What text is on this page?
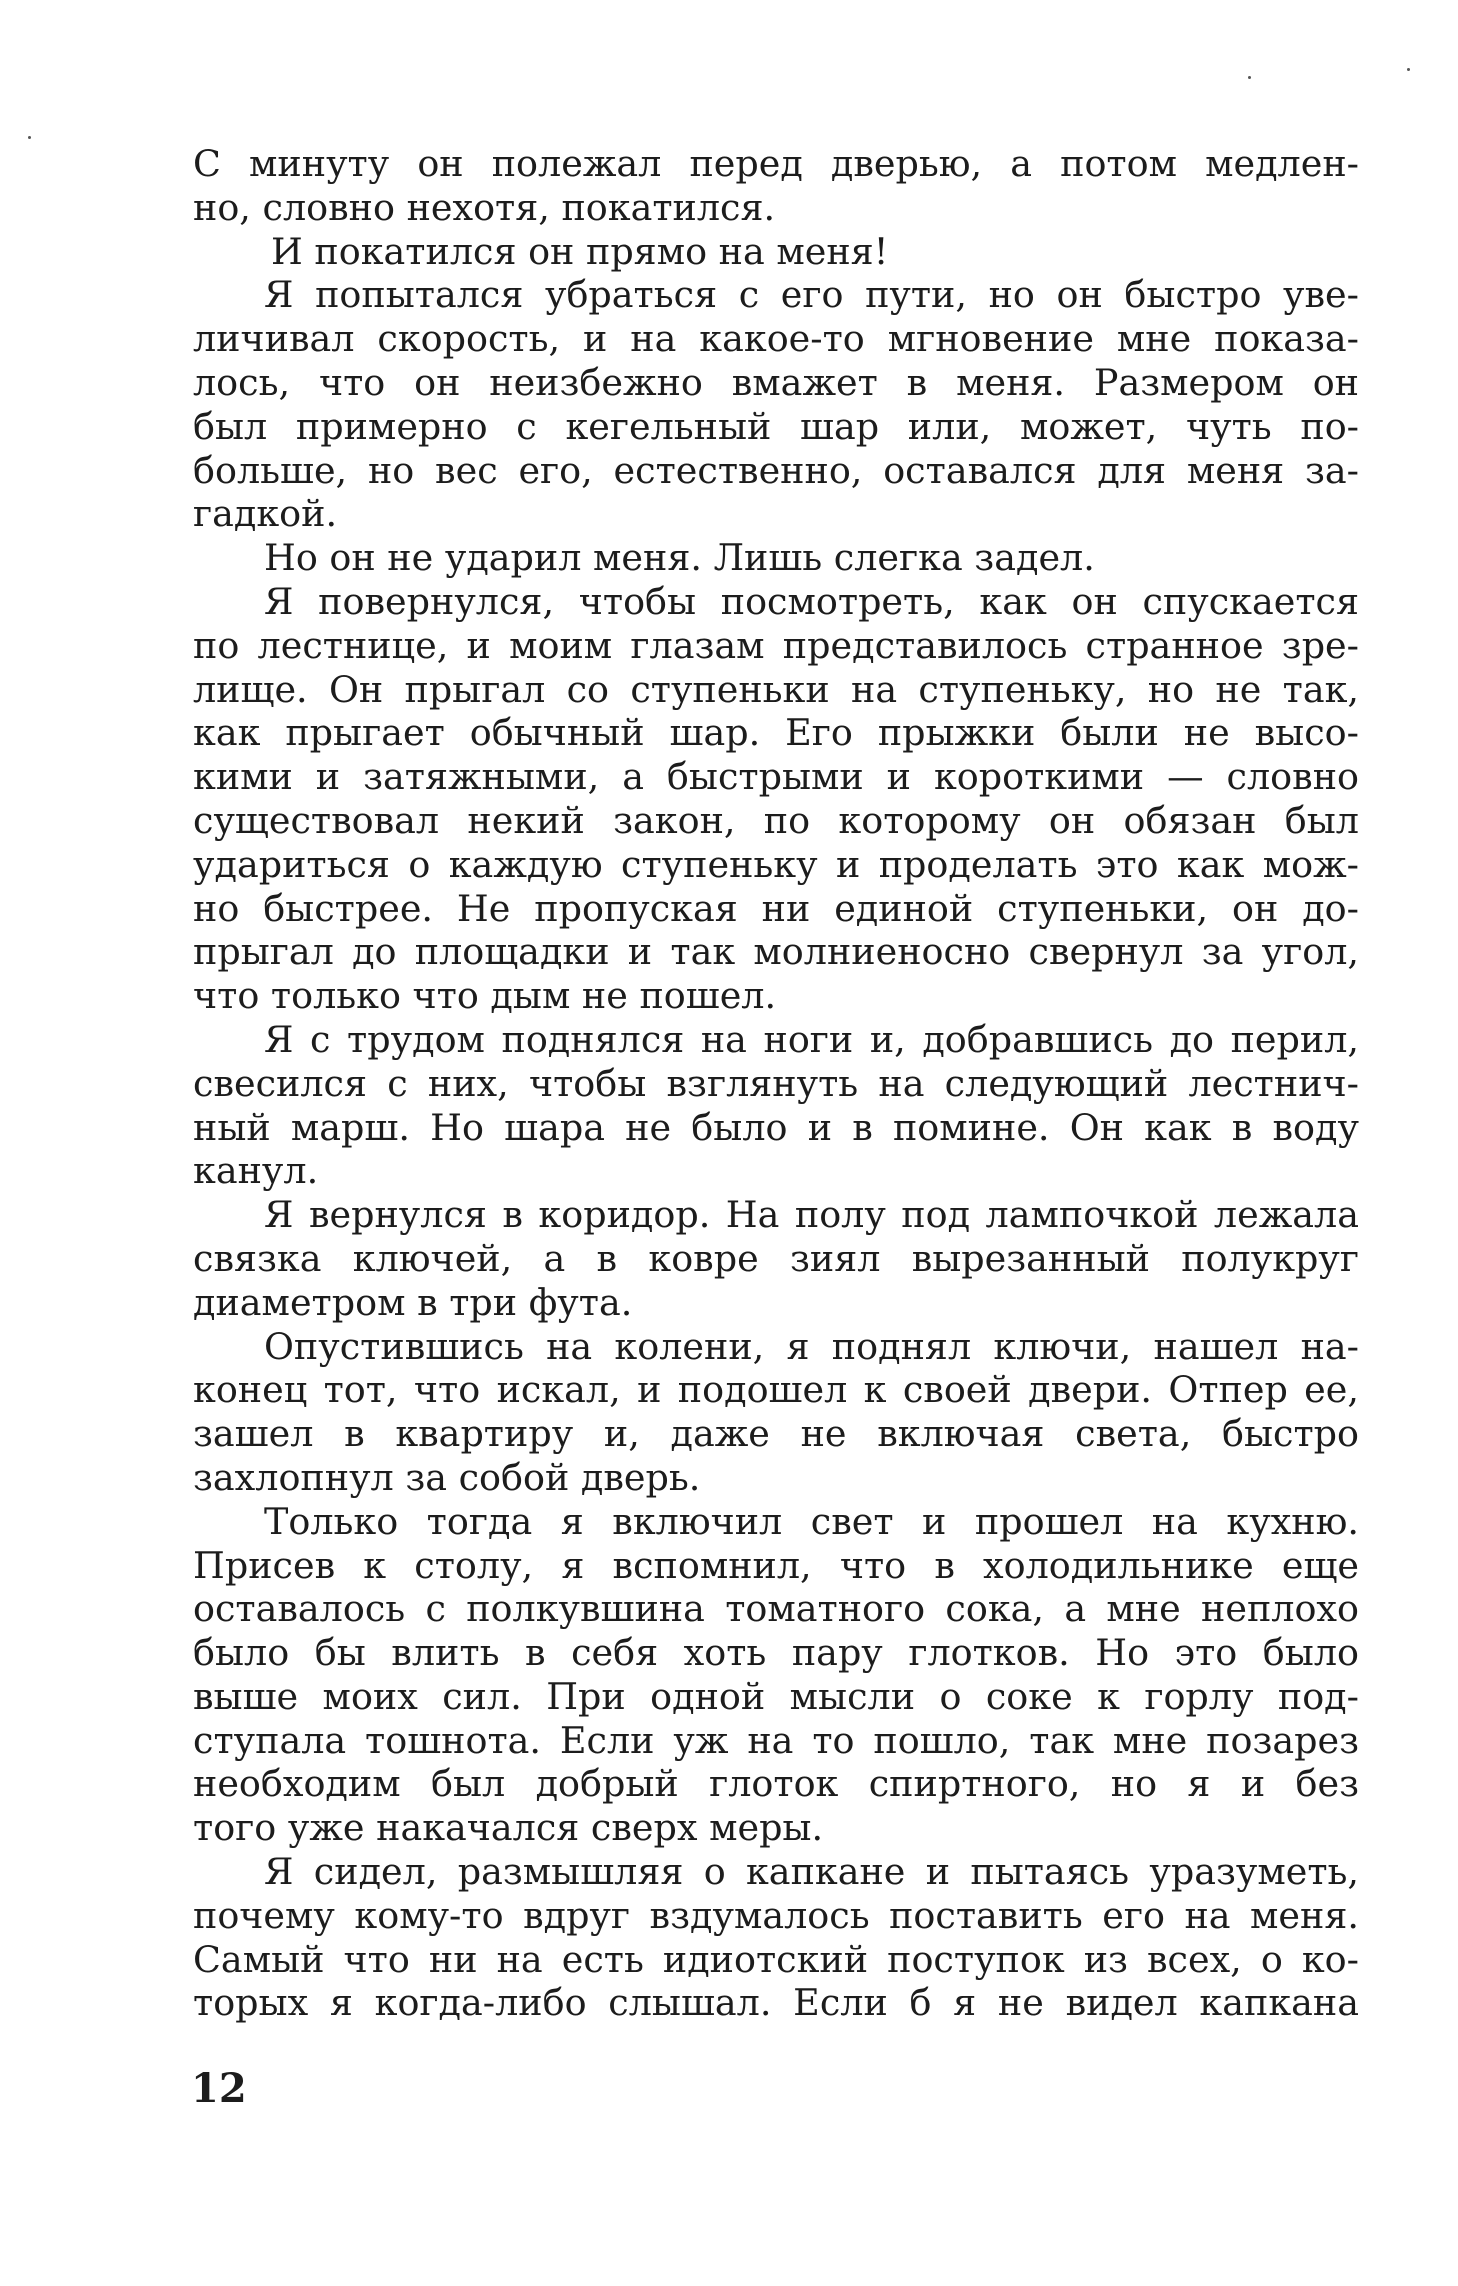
С минуту он полежал перед дверью, а потом медлен-
но, словно нехотя, покатился.
И покатился он прямо на меня!
Я попытался убраться с его пути, но он быстро уве-
личивал скорость, и на какое-то мгновение мне показа-
лось, что он неизбежно вмажет в меня. Размером он
был примерно с кегельный шар или, может, чуть по-
больше, но вес его, естественно, оставался для меня за-
гадкой.
Но он не ударил меня. Лишь слегка задел.
Я повернулся, чтобы посмотреть, как он спускается
по лестнице, и моим глазам представилось странное зре-
лище. Он прыгал со ступеньки на ступеньку, но не так,
как прыгает обычный шар. Его прыжки были не высо-
кими и затяжными, а быстрыми и короткими — словно
существовал некий закон, по которому он обязан был
удариться о каждую ступеньку и проделать это как мож-
но быстрее. Не пропуская ни единой ступеньки, он до-
прыгал до площадки и так молниеносно свернул за угол,
что только что дым не пошел.
Я с трудом поднялся на ноги и, добравшись до перил,
свесился с них, чтобы взглянуть на следующий лестнич-
ный марш. Но шара не было и в помине. Он как в воду
канул.
Я вернулся в коридор. На полу под лампочкой лежала
связка ключей, а в ковре зиял вырезанный полукруг
диаметром в три фута.
Опустившись на колени, я поднял ключи, нашел на-
конец тот, что искал, и подошел к своей двери. Отпер ее,
зашел в квартиру и, даже не включая света, быстро
захлопнул за собой дверь.
Только тогда я включил свет и прошел на кухню.
Присев к столу, я вспомнил, что в холодильнике еще
оставалось с полкувшина томатного сока, а мне неплохо
было бы влить в себя хоть пару глотков. Но это было
выше моих сил. При одной мысли о соке к горлу под-
ступала тошнота. Если уж на то пошло, так мне позарез
необходим был добрый глоток спиртного, но я и без
того уже накачался сверх меры.
Я сидел, размышляя о капкане и пытаясь уразуметь,
почему кому-то вдруг вздумалось поставить его на меня.
Самый что ни на есть идиотский поступок из всех, о ко-
торых я когда-либо слышал. Если б я не видел капкана
12
